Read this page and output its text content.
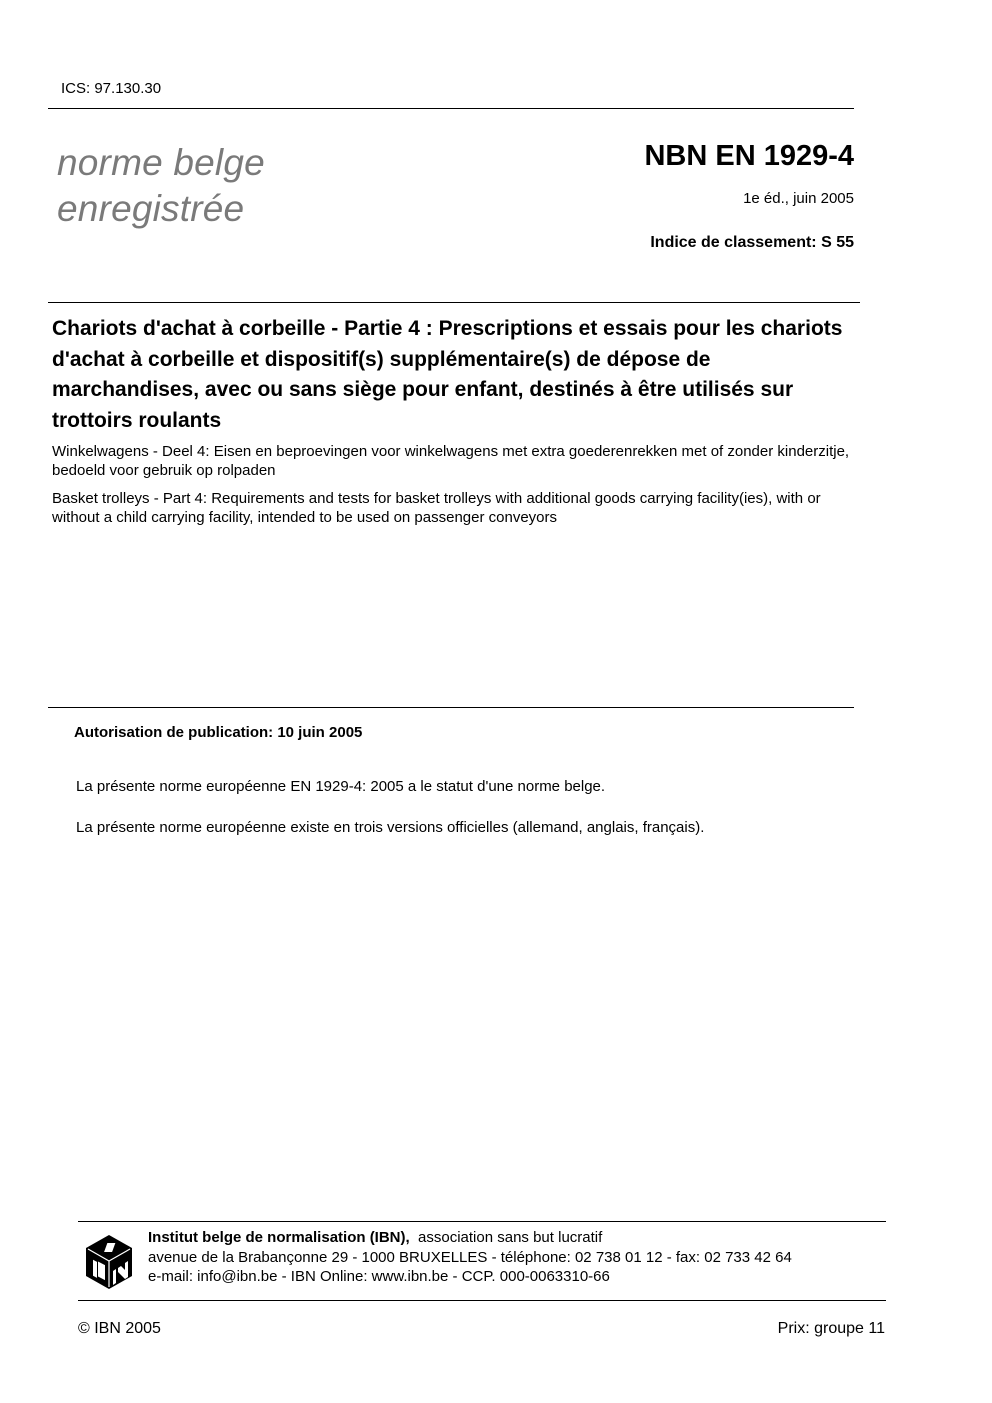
ICS: 97.130.30
norme belge
enregistrée
NBN EN 1929-4
1e éd., juin 2005
Indice de classement: S 55
Chariots d'achat à corbeille - Partie 4 : Prescriptions et essais pour les chariots d'achat à corbeille et dispositif(s) supplémentaire(s) de dépose de marchandises, avec ou sans siège pour enfant, destinés à être utilisés sur trottoirs roulants
Winkelwagens - Deel 4: Eisen en beproevingen voor winkelwagens met extra goederenrekken met of zonder kinderzitje, bedoeld voor gebruik op rolpaden
Basket trolleys - Part 4: Requirements and tests for basket trolleys with additional goods carrying facility(ies), with or without a child carrying facility, intended to be used on passenger conveyors
Autorisation de publication: 10 juin 2005
La présente norme européenne EN 1929-4: 2005 a le statut d'une norme belge.
La présente norme européenne existe en trois versions officielles (allemand, anglais, français).
Institut belge de normalisation (IBN), association sans but lucratif
avenue de la Brabançonne 29 - 1000 BRUXELLES - téléphone: 02 738 01 12 - fax: 02 733 42 64
e-mail: info@ibn.be - IBN Online: www.ibn.be - CCP. 000-0063310-66
© IBN 2005	Prix: groupe 11
